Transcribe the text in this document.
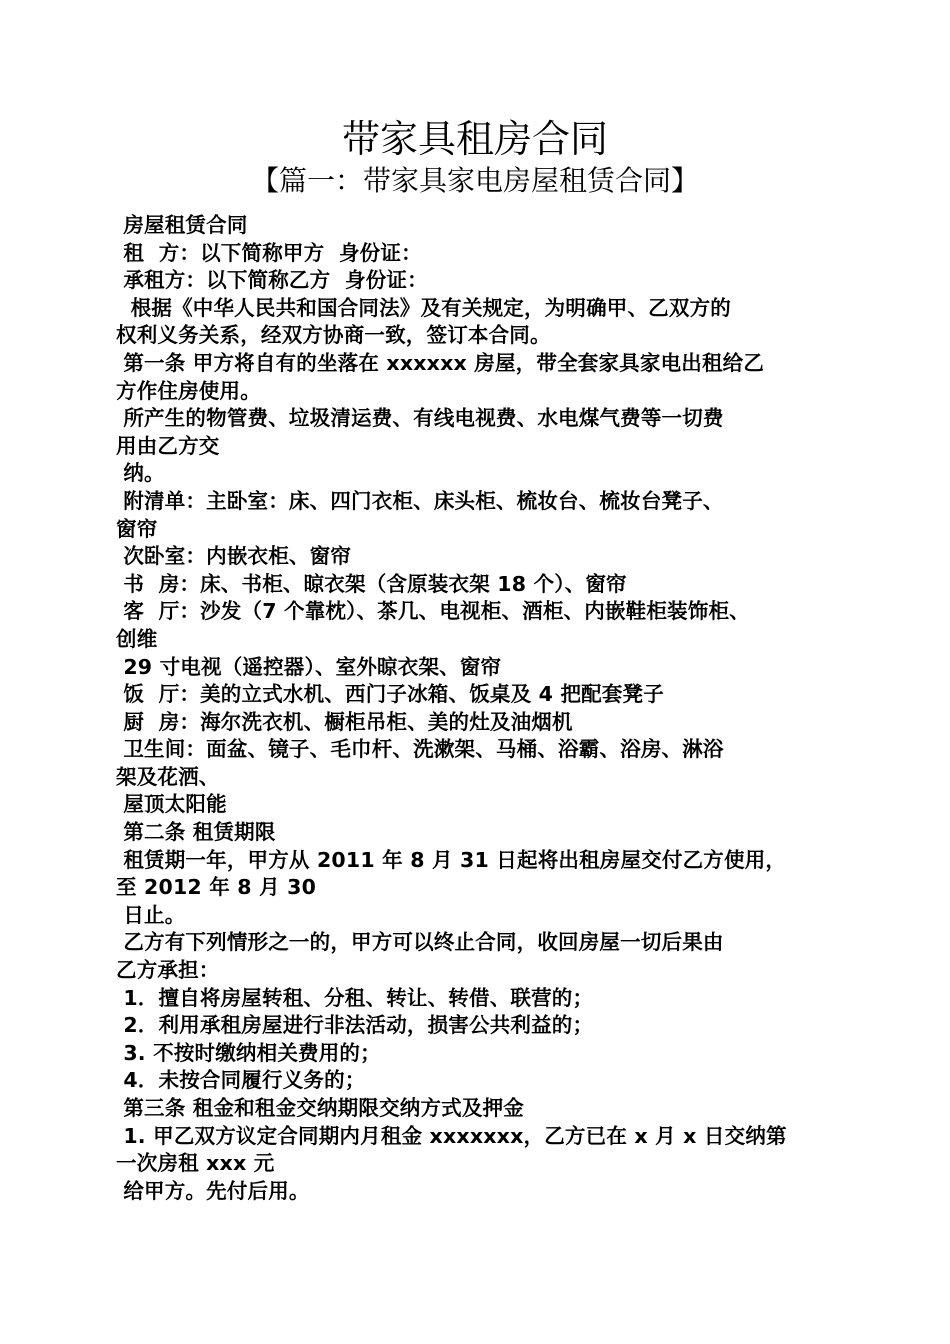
带家具租房合同
【篇一：带家具家电房屋租赁合同】
房屋租赁合同
租  方：以下简称甲方  身份证：
承租方：以下简称乙方  身份证：
根据《中华人民共和国合同法》及有关规定，为明确甲、乙双方的
权利义务关系，经双方协商一致，签订本合同。
第一条 甲方将自有的坐落在 xxxxxx 房屋，带全套家具家电出租给乙
方作住房使用。
所产生的物管费、垃圾清运费、有线电视费、水电煤气费等一切费
用由乙方交
纳。
附清单：主卧室：床、四门衣柜、床头柜、梳妆台、梳妆台凳子、
窗帘
次卧室：内嵌衣柜、窗帘
书  房：床、书柜、晾衣架（含原装衣架 18 个）、窗帘
客  厅：沙发（7 个靠枕）、茶几、电视柜、酒柜、内嵌鞋柜装饰柜、
创维
29 寸电视（遥控器）、室外晾衣架、窗帘
饭  厅：美的立式水机、西门子冰箱、饭桌及 4 把配套凳子
厨  房：海尔洗衣机、橱柜吊柜、美的灶及油烟机
卫生间：面盆、镜子、毛巾杆、洗漱架、马桶、浴霸、浴房、淋浴
架及花洒、
屋顶太阳能
第二条 租赁期限
租赁期一年，甲方从 2011 年 8 月 31 日起将出租房屋交付乙方使用，
至 2012 年 8 月 30
日止。
乙方有下列情形之一的，甲方可以终止合同，收回房屋一切后果由
乙方承担：
1．擅自将房屋转租、分租、转让、转借、联营的；
2．利用承租房屋进行非法活动，损害公共利益的；
3. 不按时缴纳相关费用的；
4．未按合同履行义务的；
第三条 租金和租金交纳期限交纳方式及押金
1. 甲乙双方议定合同期内月租金 xxxxxxx，乙方已在 x 月 x 日交纳第
一次房租 xxx 元
给甲方。先付后用。
